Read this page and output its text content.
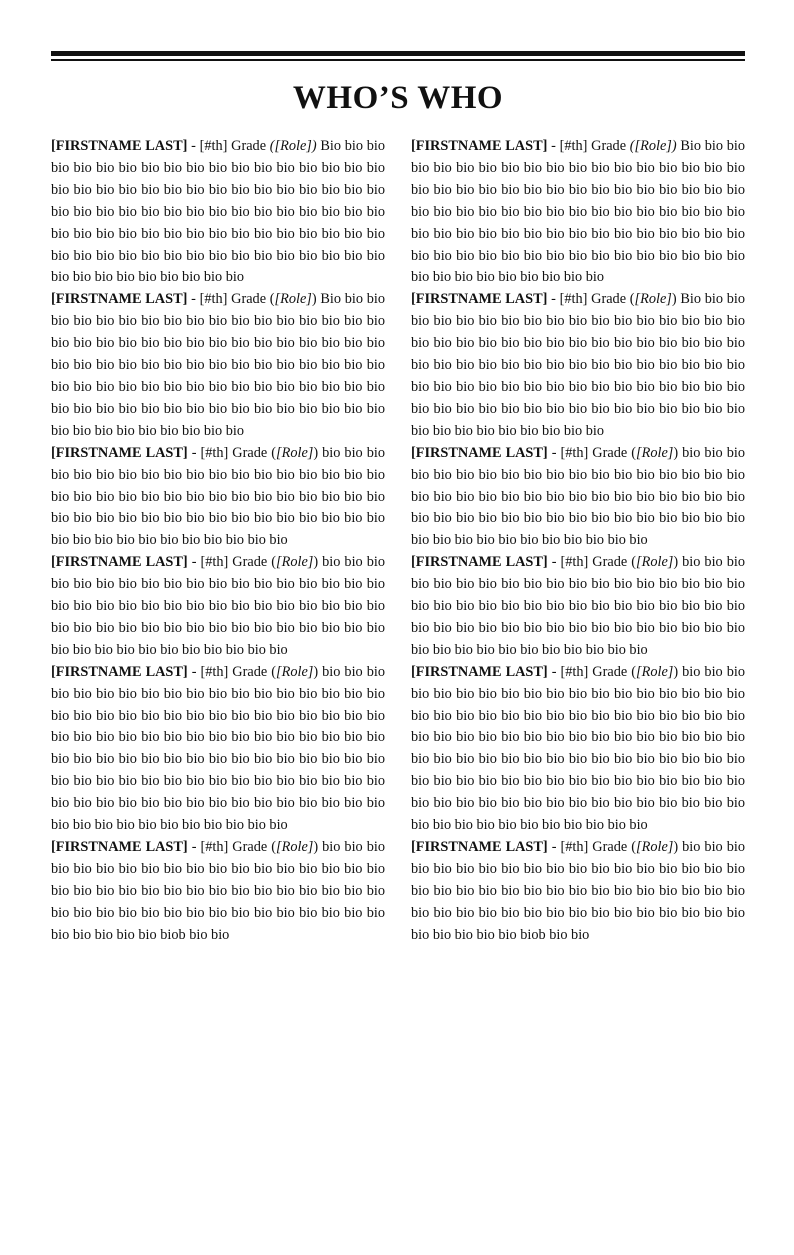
WHO’S WHO

[FIRSTNAME LAST] - [#th] Grade ([Role]) Bio bio bio bio bio bio bio bio bio bio bio bio bio bio bio bio bio bio bio bio bio bio bio bio bio bio bio bio bio bio bio bio bio bio bio bio bio bio bio bio bio bio bio bio bio bio bio bio bio bio bio bio bio bio bio bio bio bio bio bio bio bio bio bio bio bio bio bio bio bio bio bio bio bio bio bio bio bio bio bio bio bio bio bio bio bio bio

[FIRSTNAME LAST] - [#th] Grade ([Role]) Bio bio bio bio bio bio bio bio bio bio bio bio bio bio bio bio bio bio bio bio bio bio bio bio bio bio bio bio bio bio bio bio bio bio bio bio bio bio bio bio bio bio bio bio bio bio bio bio bio bio bio bio bio bio bio bio bio bio bio bio bio bio bio bio bio bio bio bio bio bio bio bio bio bio bio bio bio bio bio bio bio bio bio bio bio bio bio

[FIRSTNAME LAST] - [#th] Grade ([Role]) bio bio bio bio bio bio bio bio bio bio bio bio bio bio bio bio bio bio bio bio bio bio bio bio bio bio bio bio bio bio bio bio bio bio bio bio bio bio bio bio bio bio bio bio bio bio bio bio bio bio bio bio bio bio bio bio bio bio bio

[FIRSTNAME LAST] - [#th] Grade ([Role]) bio bio bio bio bio bio bio bio bio bio bio bio bio bio bio bio bio bio bio bio bio bio bio bio bio bio bio bio bio bio bio bio bio bio bio bio bio bio bio bio bio bio bio bio bio bio bio bio bio bio bio bio bio bio bio bio bio bio bio

[FIRSTNAME LAST] - [#th] Grade ([Role]) bio bio bio bio bio bio bio bio bio bio bio bio bio bio bio bio bio bio bio bio bio bio bio bio bio bio bio bio bio bio bio bio bio bio bio bio bio bio bio bio bio bio bio bio bio bio bio bio bio bio bio bio bio bio bio bio bio bio bio bio bio bio bio bio bio bio bio bio bio bio bio bio bio bio bio bio bio bio bio bio bio bio bio bio bio bio bio bio bio bio bio bio bio bio bio bio bio bio bio bio bio bio bio bio

[FIRSTNAME LAST] - [#th] Grade ([Role]) bio bio bio bio bio bio bio bio bio bio bio bio bio bio bio bio bio bio bio bio bio bio bio bio bio bio bio bio bio bio bio bio bio bio bio bio bio bio bio bio bio bio bio bio bio bio bio bio bio bio bio bio bio biob bio bio

[FIRSTNAME LAST] - [#th] Grade ([Role]) Bio bio bio bio bio bio bio bio bio bio bio bio bio bio bio bio bio bio bio bio bio bio bio bio bio bio bio bio bio bio bio bio bio bio bio bio bio bio bio bio bio bio bio bio bio bio bio bio bio bio bio bio bio bio bio bio bio bio bio bio bio bio bio bio bio bio bio bio bio bio bio bio bio bio bio bio bio bio bio bio bio bio bio bio bio bio bio

[FIRSTNAME LAST] - [#th] Grade ([Role]) Bio bio bio bio bio bio bio bio bio bio bio bio bio bio bio bio bio bio bio bio bio bio bio bio bio bio bio bio bio bio bio bio bio bio bio bio bio bio bio bio bio bio bio bio bio bio bio bio bio bio bio bio bio bio bio bio bio bio bio bio bio bio bio bio bio bio bio bio bio bio bio bio bio bio bio bio bio bio bio bio bio bio bio bio bio bio bio

[FIRSTNAME LAST] - [#th] Grade ([Role]) bio bio bio bio bio bio bio bio bio bio bio bio bio bio bio bio bio bio bio bio bio bio bio bio bio bio bio bio bio bio bio bio bio bio bio bio bio bio bio bio bio bio bio bio bio bio bio bio bio bio bio bio bio bio bio bio bio bio bio

[FIRSTNAME LAST] - [#th] Grade ([Role]) bio bio bio bio bio bio bio bio bio bio bio bio bio bio bio bio bio bio bio bio bio bio bio bio bio bio bio bio bio bio bio bio bio bio bio bio bio bio bio bio bio bio bio bio bio bio bio bio bio bio bio bio bio bio bio bio bio bio bio

[FIRSTNAME LAST] - [#th] Grade ([Role]) bio bio bio bio bio bio bio bio bio bio bio bio bio bio bio bio bio bio bio bio bio bio bio bio bio bio bio bio bio bio bio bio bio bio bio bio bio bio bio bio bio bio bio bio bio bio bio bio bio bio bio bio bio bio bio bio bio bio bio bio bio bio bio bio bio bio bio bio bio bio bio bio bio bio bio bio bio bio bio bio bio bio bio bio bio bio bio bio bio bio bio bio bio bio bio bio bio bio bio bio bio bio bio bio

[FIRSTNAME LAST] - [#th] Grade ([Role]) bio bio bio bio bio bio bio bio bio bio bio bio bio bio bio bio bio bio bio bio bio bio bio bio bio bio bio bio bio bio bio bio bio bio bio bio bio bio bio bio bio bio bio bio bio bio bio bio bio bio bio bio bio biob bio bio
